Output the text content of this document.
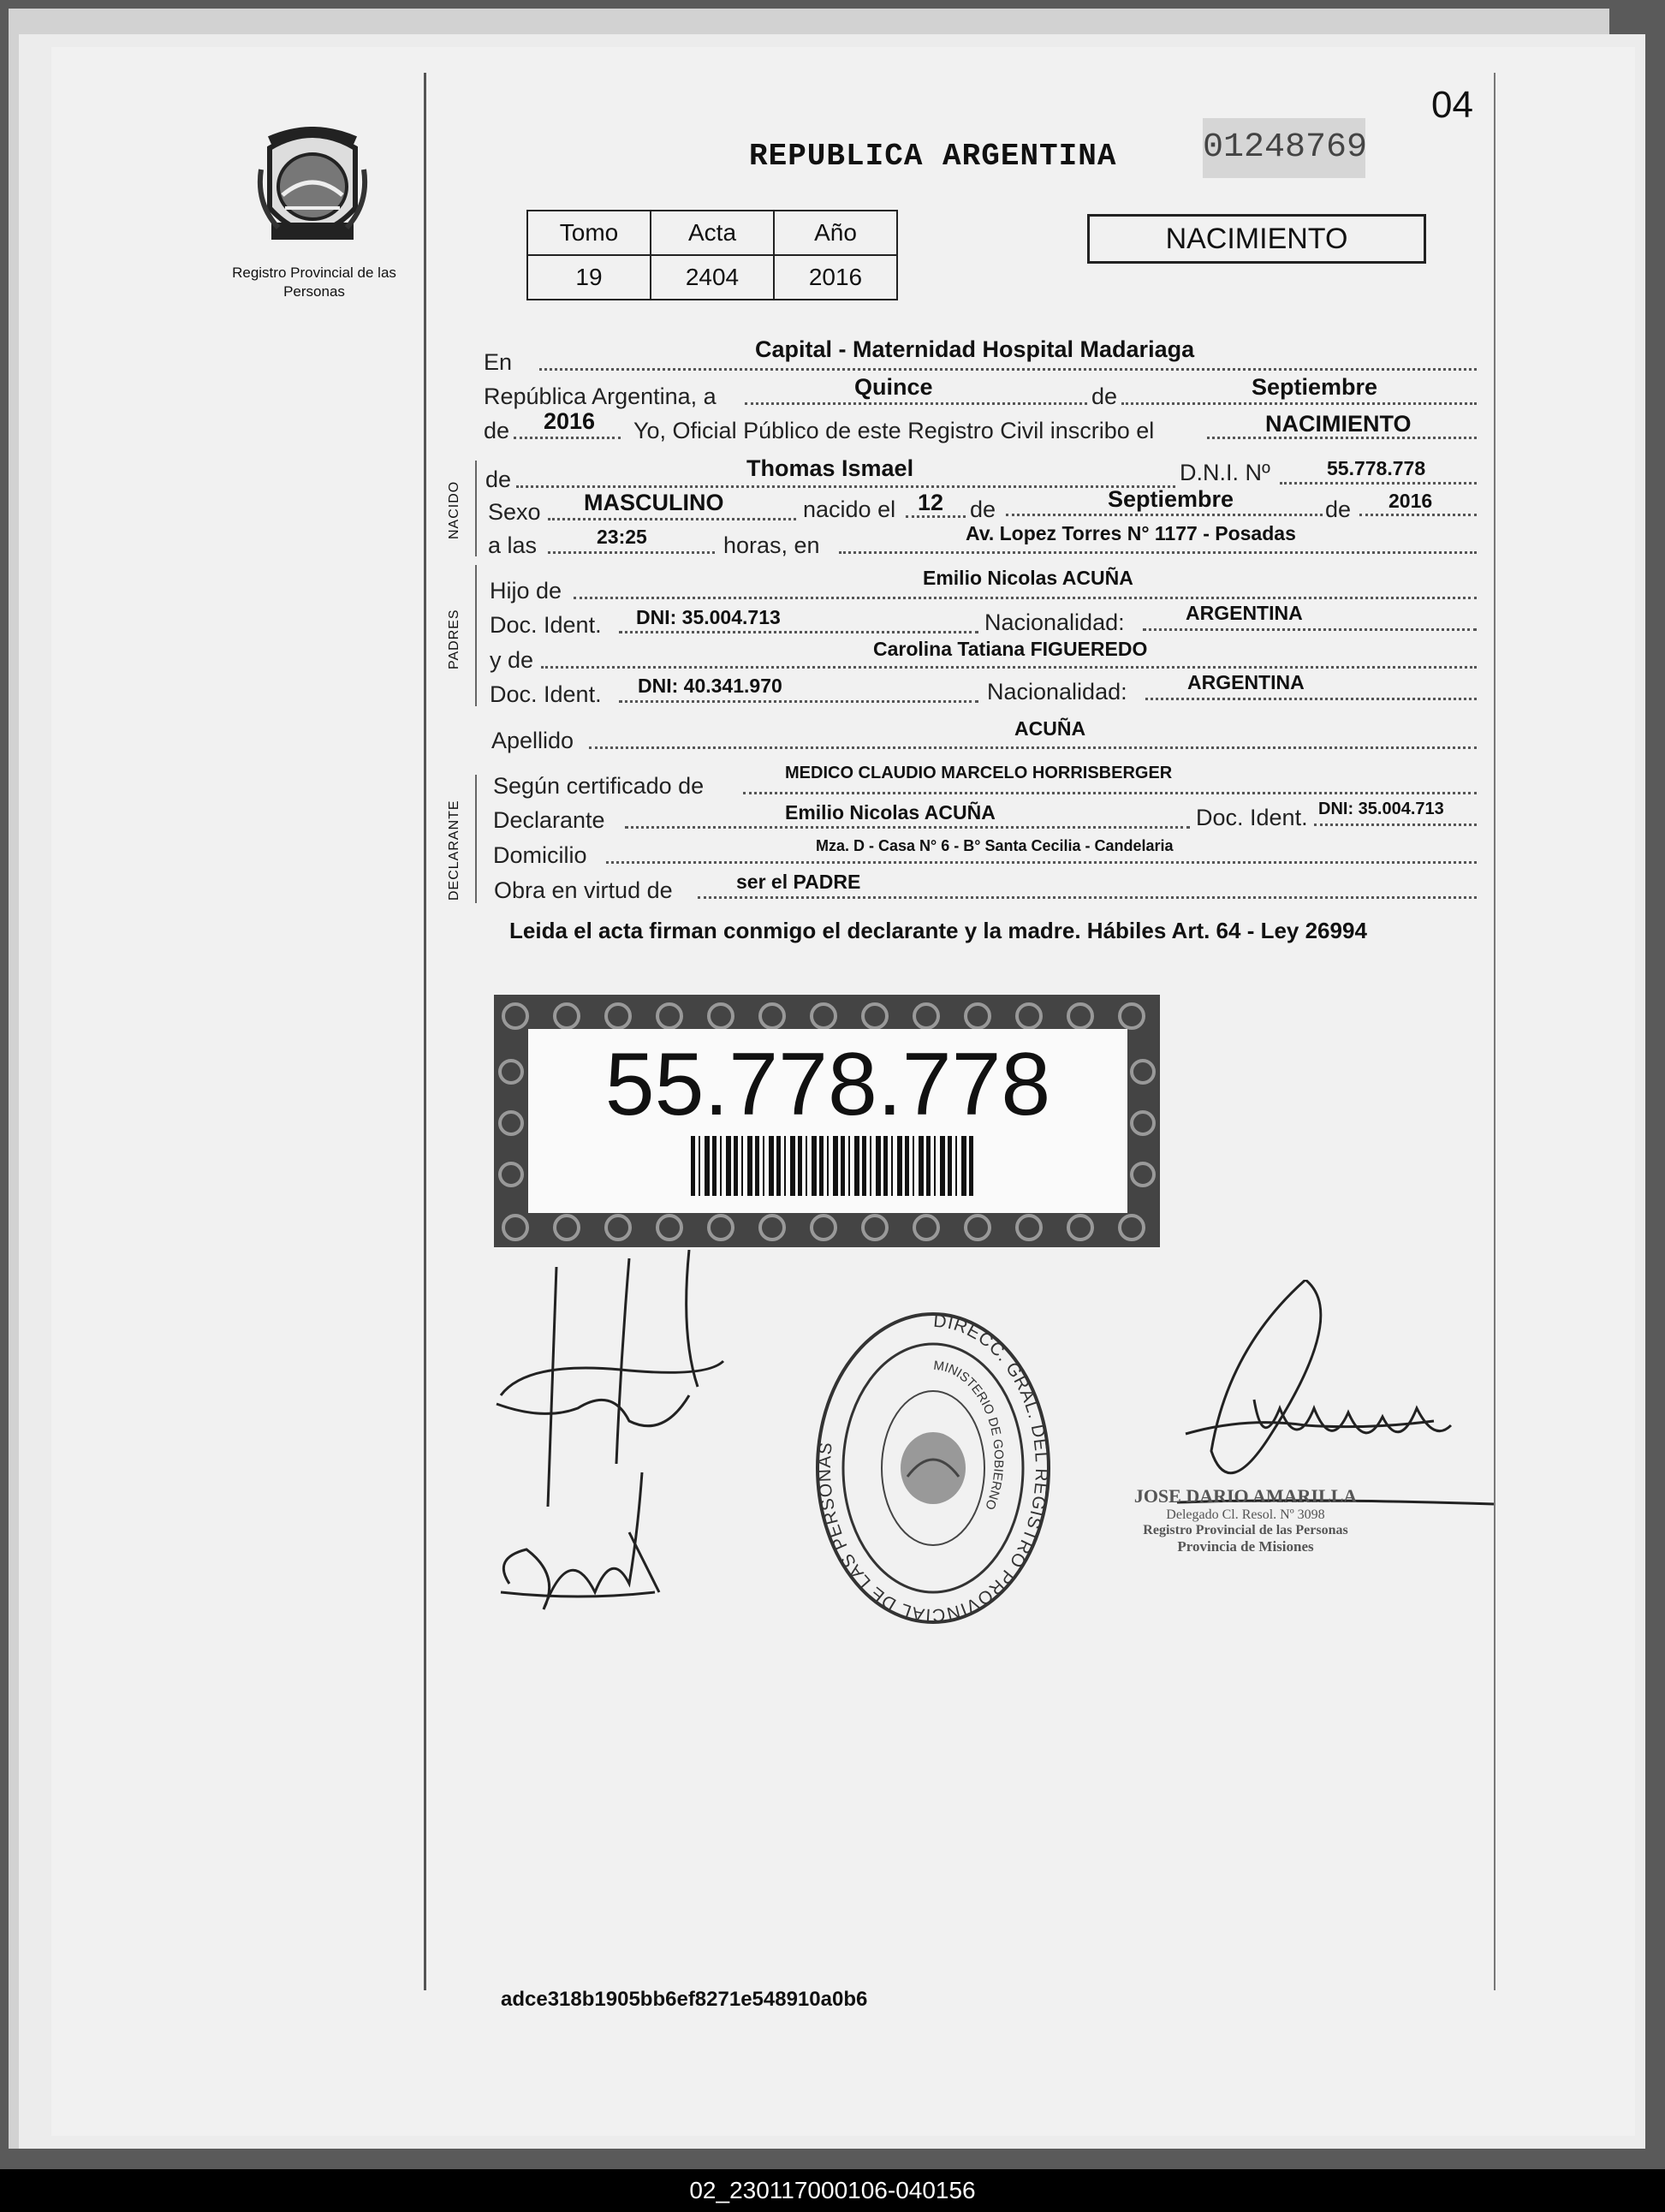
04
Registro Provincial de las Personas
REPUBLICA ARGENTINA	01248769
Tomo	Acta	Año
19	2404	2016
NACIMIENTO
En	Capital - Maternidad Hospital Madariaga
República Argentina, a	Quince	de	Septiembre
de 2016 Yo, Oficial Público de este Registro Civil inscribo el	NACIMIENTO
NACIDO
de	Thomas Ismael	D.N.I. Nº	55.778.778
Sexo MASCULINO	nacido el 12 de	Septiembre	de 2016
a las	23:25	horas, en	Av. Lopez Torres N° 1177 - Posadas
PADRES
Hijo de	Emilio Nicolas ACUÑA
Doc. Ident. DNI: 35.004.713	Nacionalidad:	ARGENTINA
y de	Carolina Tatiana FIGUEREDO
Doc. Ident. DNI: 40.341.970	Nacionalidad:	ARGENTINA
Apellido	ACUÑA
DECLARANTE
Según certificado de	MEDICO CLAUDIO MARCELO HORRISBERGER
Declarante	Emilio Nicolas ACUÑA	Doc. Ident. DNI: 35.004.713
Domicilio	Mza. D - Casa N° 6 - B° Santa Cecilia - Candelaria
Obra en virtud de	ser el PADRE
Leida el acta firman conmigo el declarante y la madre. Hábiles Art. 64 - Ley 26994
55.778.778
DIRECC. GRAL. DEL REGISTRO PROVINCIAL DE LAS PERSONAS
MINISTERIO DE GOBIERNO	JOSE DARIO AMARILLA
Delegado Cl. Resol. Nº 3098
Registro Provincial de las Personas
Provincia de Misiones
adce318b1905bb6ef8271e548910a0b6
02_230117000106-040156
